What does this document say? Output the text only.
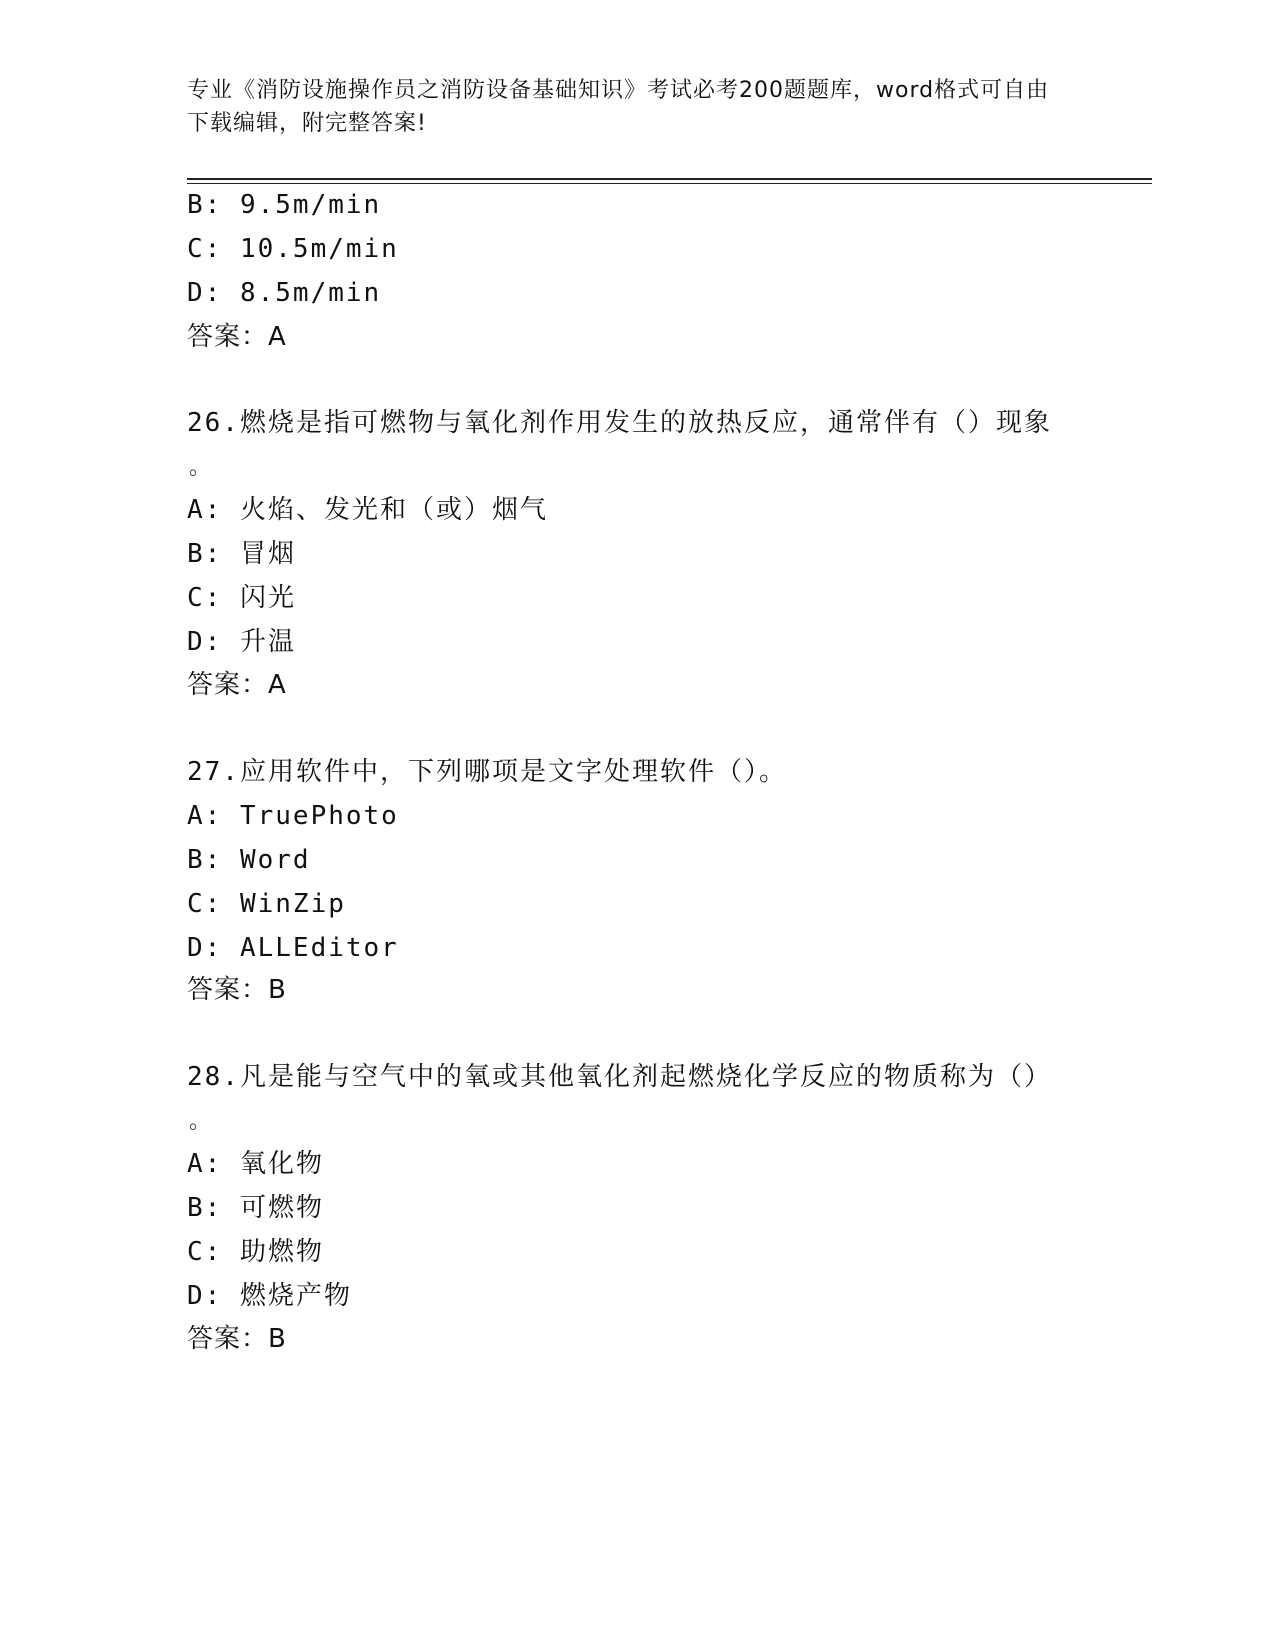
专业《消防设施操作员之消防设备基础知识》考试必考200题题库，word格式可自由下载编辑，附完整答案!
B: 9.5m/min
C: 10.5m/min
D: 8.5m/min
答案：A
26.燃烧是指可燃物与氧化剂作用发生的放热反应，通常伴有（）现象
。
A: 火焰、发光和（或）烟气
B: 冒烟
C: 闪光
D: 升温
答案：A
27.应用软件中，下列哪项是文字处理软件（）。
A: TruePhoto
B: Word
C: WinZip
D: ALLEditor
答案：B
28.凡是能与空气中的氧或其他氧化剂起燃烧化学反应的物质称为（）
。
A: 氧化物
B: 可燃物
C: 助燃物
D: 燃烧产物
答案：B
